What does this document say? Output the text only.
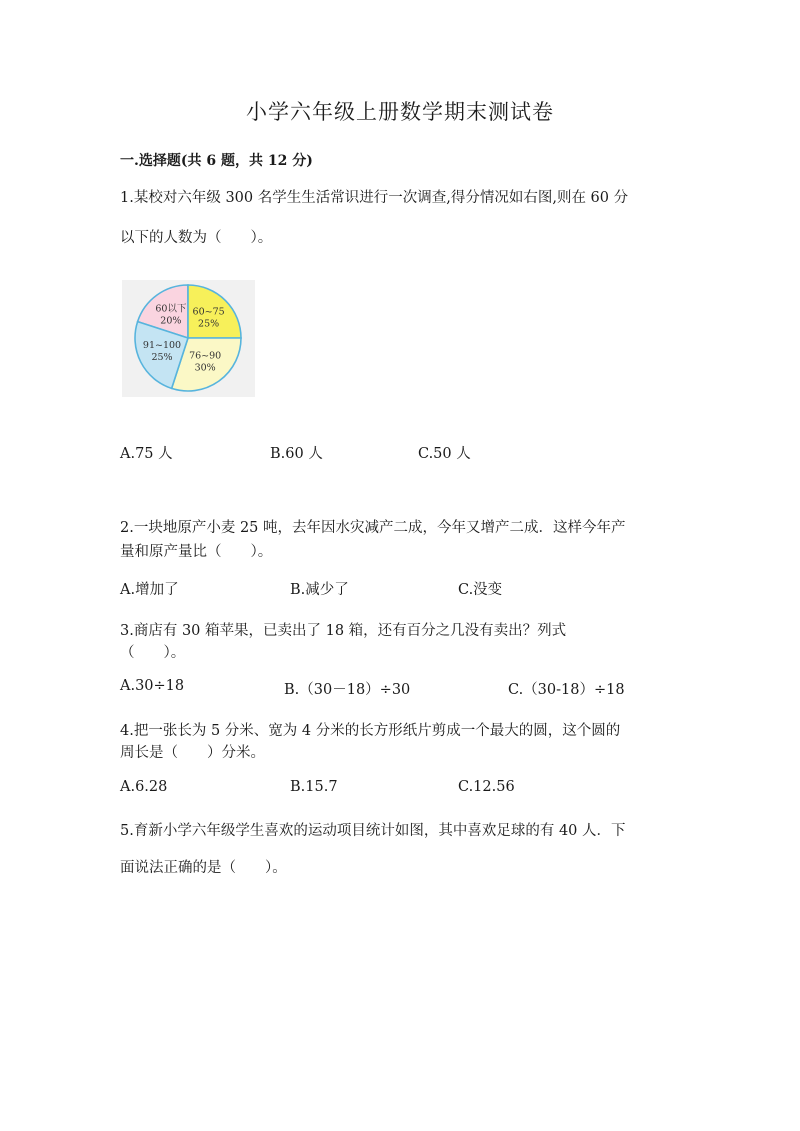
小学六年级上册数学期末测试卷
一.选择题(共 6 题，共 12 分)
1.某校对六年级 300 名学生生活常识进行一次调查,得分情况如右图,则在 60 分
以下的人数为（　　）。
60以下
20%
60~75
25%
76~90
30%
91~100
25%
A.75 人	B.60 人	C.50 人
2.一块地原产小麦 25 吨，去年因水灾减产二成，今年又增产二成．这样今年产
量和原产量比（　　）。
A.增加了	B.减少了	C.没变
3.商店有 30 箱苹果，已卖出了 18 箱，还有百分之几没有卖出？列式
（　　）。
A.30÷18	B.（30－18）÷30	C.（30-18）÷18
4.把一张长为 5 分米、宽为 4 分米的长方形纸片剪成一个最大的圆，这个圆的
周长是（　　）分米。
A.6.28	B.15.7	C.12.56
5.育新小学六年级学生喜欢的运动项目统计如图，其中喜欢足球的有 40 人．下
面说法正确的是（　　）。
